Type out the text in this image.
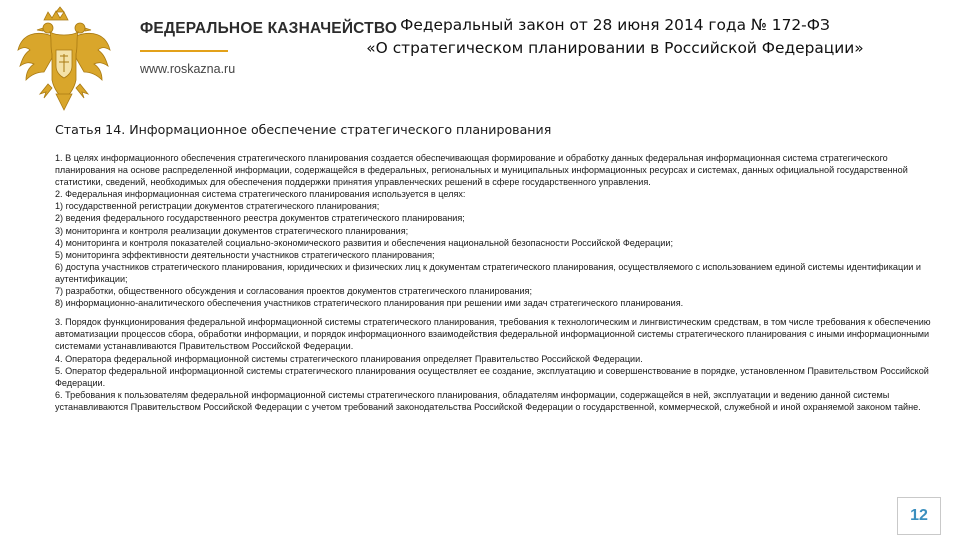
ФЕДЕРАЛЬНОЕ КАЗНАЧЕЙСТВО
www.roskazna.ru
Федеральный закон от 28 июня 2014 года № 172-ФЗ
«О стратегическом планировании в Российской Федерации»
Статья 14. Информационное обеспечение стратегического планирования

1. В целях информационного обеспечения стратегического планирования создается обеспечивающая формирование и обработку данных федеральная информационная система стратегического планирования на основе распределенной информации, содержащейся в федеральных, региональных и муниципальных информационных ресурсах и системах, данных официальной государственной статистики, сведений, необходимых для обеспечения поддержки принятия управленческих решений в сфере государственного управления.

2. Федеральная информационная система стратегического планирования используется в целях:

1) государственной регистрации документов стратегического планирования;

2) ведения федерального государственного реестра документов стратегического планирования;

3) мониторинга и контроля реализации документов стратегического планирования;

4) мониторинга и контроля показателей социально-экономического развития и обеспечения национальной безопасности Российской Федерации;

5) мониторинга эффективности деятельности участников стратегического планирования;

6) доступа участников стратегического планирования, юридических и физических лиц к документам стратегического планирования, осуществляемого с использованием единой системы идентификации и аутентификации;

7) разработки, общественного обсуждения и согласования проектов документов стратегического планирования;

8) информационно-аналитического обеспечения участников стратегического планирования при решении ими задач стратегического планирования.

3. Порядок функционирования федеральной информационной системы стратегического планирования, требования к технологическим и лингвистическим средствам, в том числе требования к обеспечению автоматизации процессов сбора, обработки информации, и порядок информационного взаимодействия федеральной информационной системы стратегического планирования с иными информационными системами устанавливаются Правительством Российской Федерации.

4. Оператора федеральной информационной системы стратегического планирования определяет Правительство Российской Федерации.

5. Оператор федеральной информационной системы стратегического планирования осуществляет ее создание, эксплуатацию и совершенствование в порядке, установленном Правительством Российской Федерации.

6. Требования к пользователям федеральной информационной системы стратегического планирования, обладателям информации, содержащейся в ней, эксплуатации и ведению данной системы устанавливаются Правительством Российской Федерации с учетом требований законодательства Российской Федерации о государственной, коммерческой, служебной и иной охраняемой законом тайне.

12
